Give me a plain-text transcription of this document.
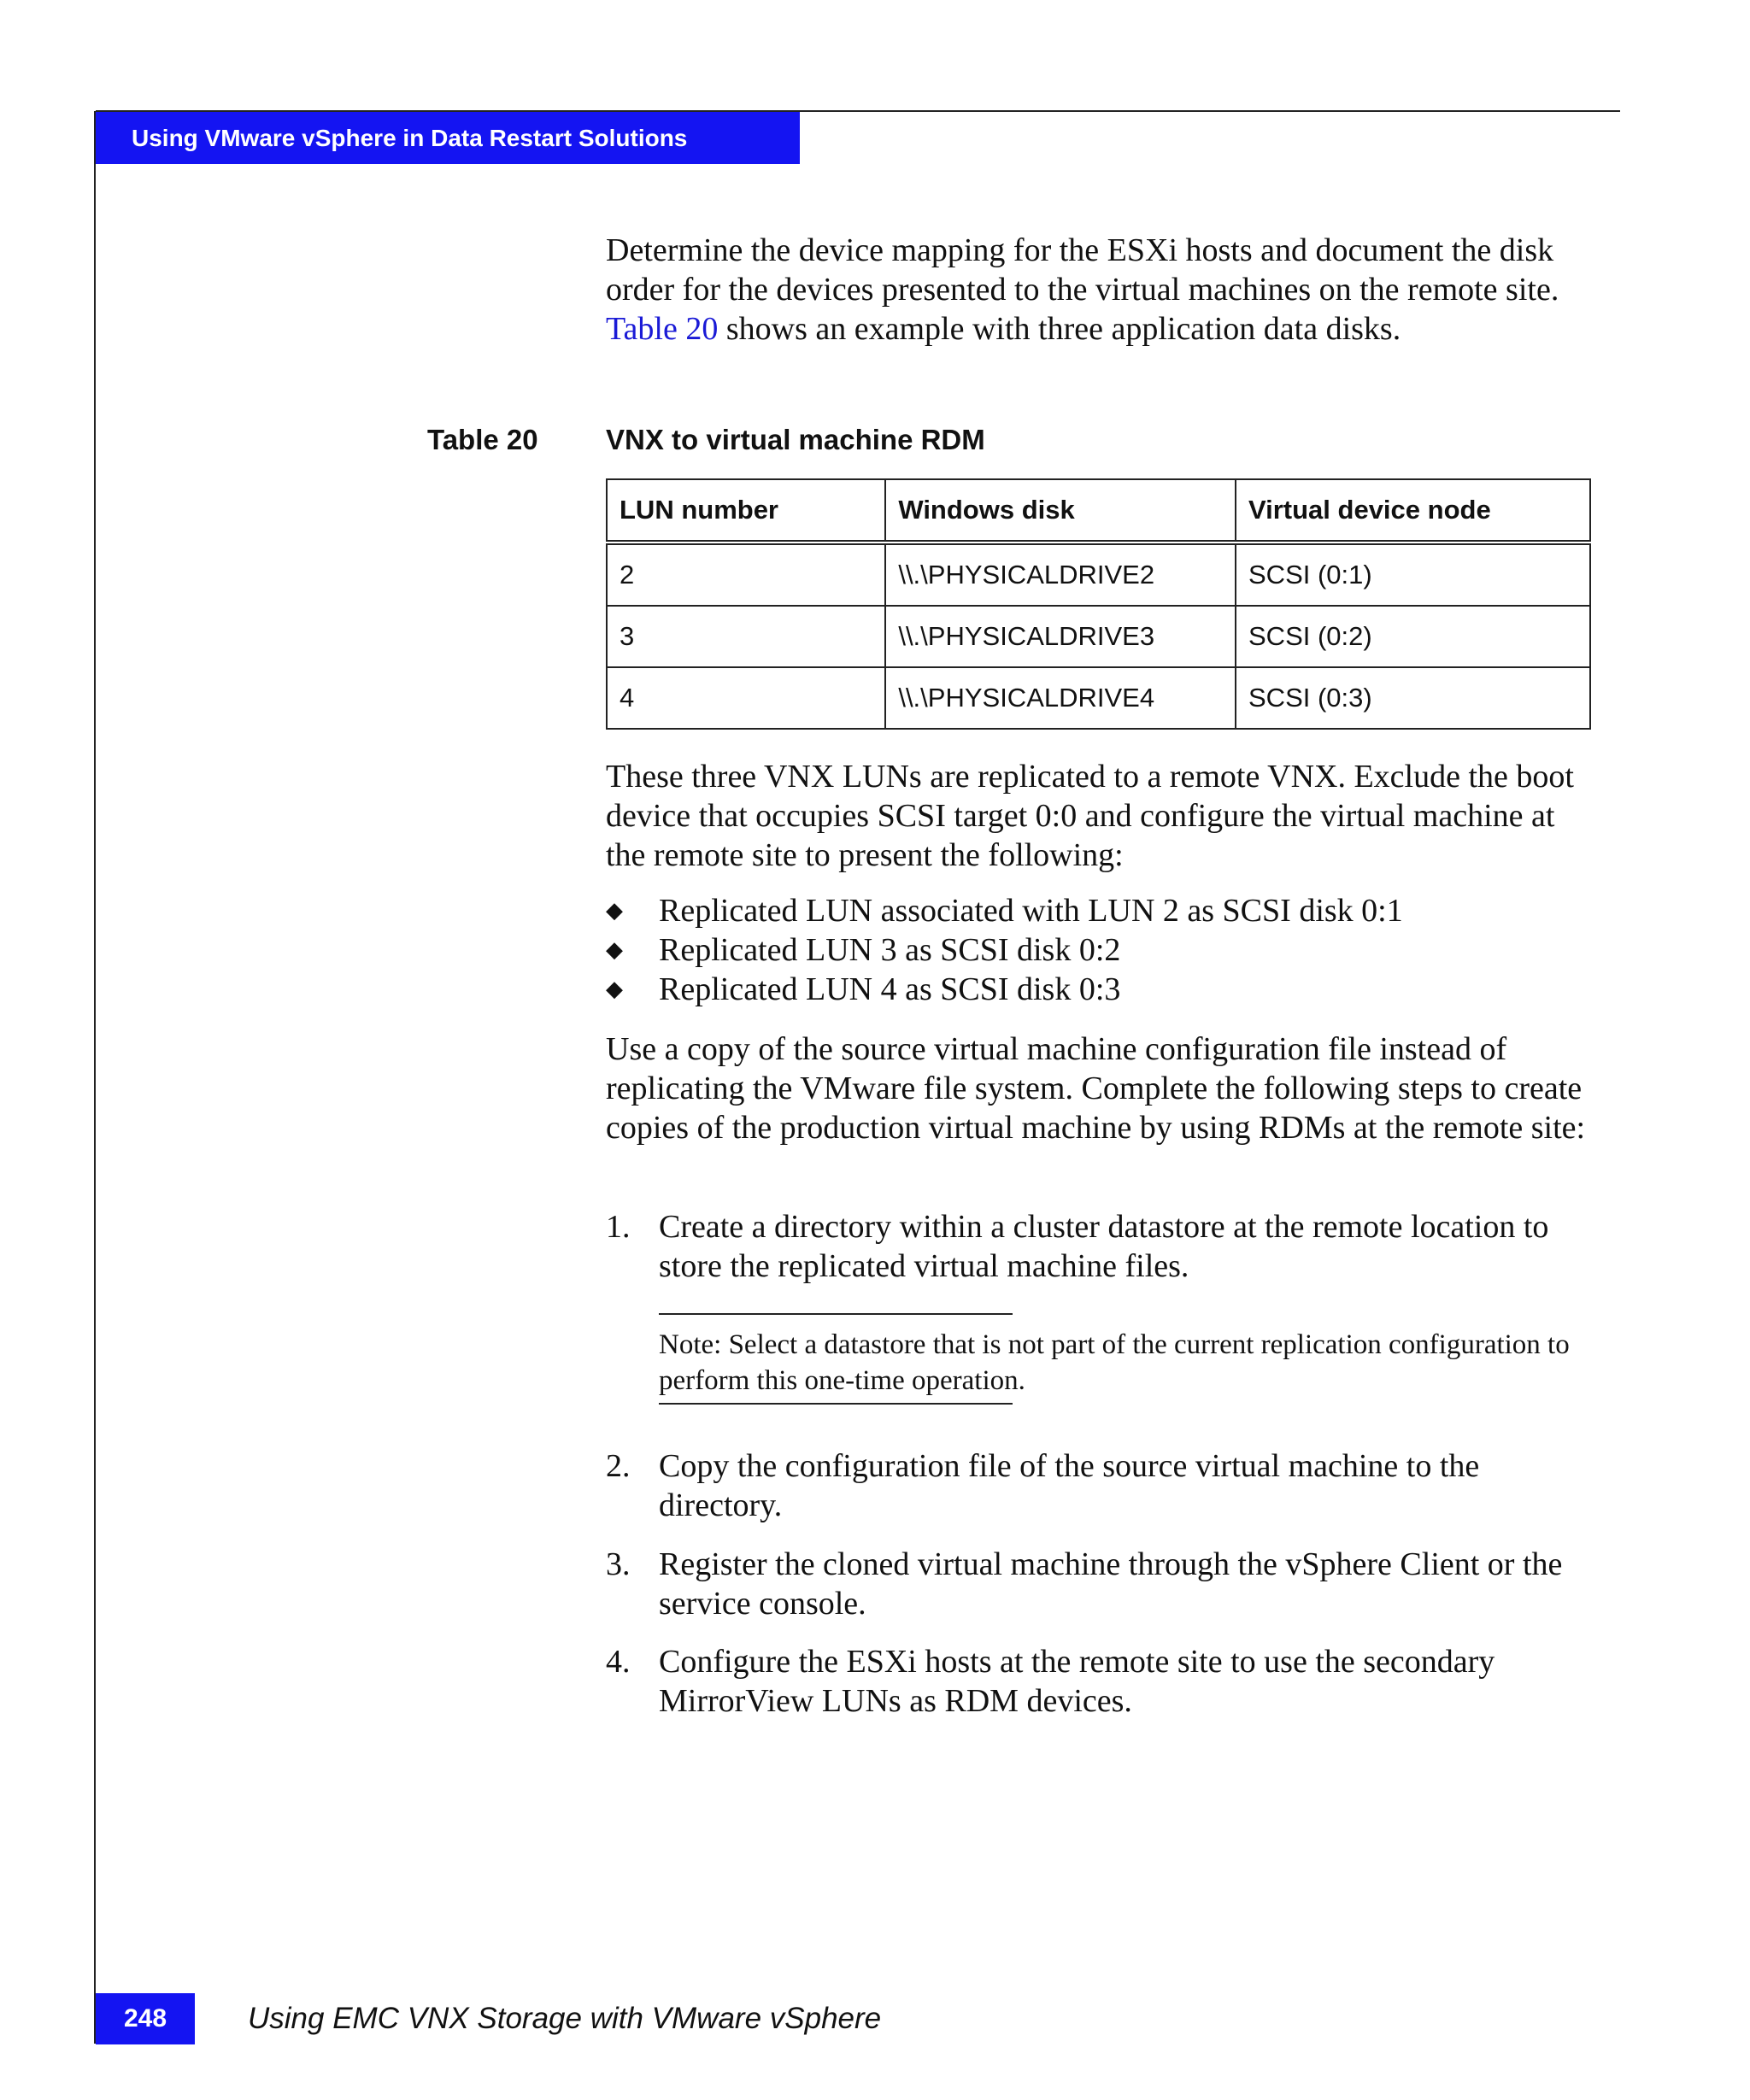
Using VMware vSphere in Data Restart Solutions

Determine the device mapping for the ESXi hosts and document the disk order for the devices presented to the virtual machines on the remote site. Table 20 shows an example with three application data disks.

Table 20 VNX to virtual machine RDM
LUN number	Windows disk	Virtual device node
2	\\.\PHYSICALDRIVE2	SCSI (0:1)
3	\\.\PHYSICALDRIVE3	SCSI (0:2)
4	\\.\PHYSICALDRIVE4	SCSI (0:3)

These three VNX LUNs are replicated to a remote VNX. Exclude the boot device that occupies SCSI target 0:0 and configure the virtual machine at the remote site to present the following:

◆ Replicated LUN associated with LUN 2 as SCSI disk 0:1
◆ Replicated LUN 3 as SCSI disk 0:2
◆ Replicated LUN 4 as SCSI disk 0:3

Use a copy of the source virtual machine configuration file instead of replicating the VMware file system. Complete the following steps to create copies of the production virtual machine by using RDMs at the remote site:

1. Create a directory within a cluster datastore at the remote location to store the replicated virtual machine files.
Note: Select a datastore that is not part of the current replication configuration to perform this one-time operation.
2. Copy the configuration file of the source virtual machine to the directory.
3. Register the cloned virtual machine through the vSphere Client or the service console.
4. Configure the ESXi hosts at the remote site to use the secondary MirrorView LUNs as RDM devices.
248	Using EMC VNX Storage with VMware vSphere
